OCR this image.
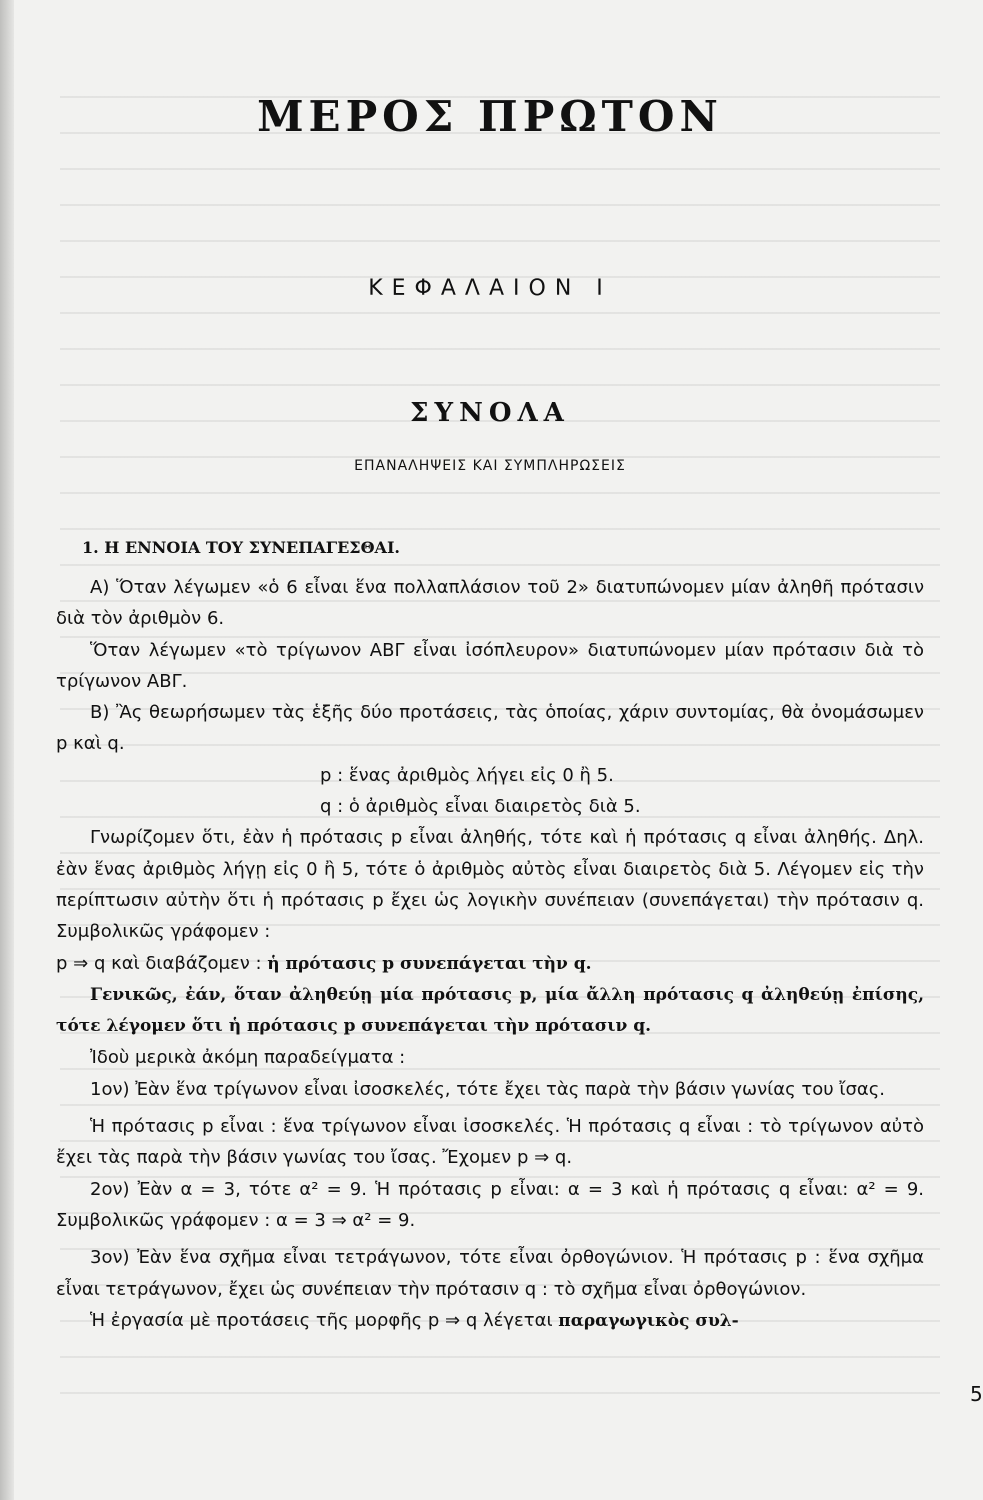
ΜΕΡΟΣ ΠΡΩΤΟΝ
ΚΕΦΑΛΑΙΟΝ Ι
ΣΥΝΟΛΑ
ΕΠΑΝΑΛΗΨΕΙΣ ΚΑΙ ΣΥΜΠΛΗΡΩΣΕΙΣ
1. Η ΕΝΝΟΙΑ ΤΟΥ ΣΥΝΕΠΑΓΕΣΘΑΙ.

Α) Ὅταν λέγωμεν «ὁ 6 εἶναι ἕνα πολλαπλάσιον τοῦ 2» διατυπώνομεν μίαν ἀληθῆ πρότασιν διὰ τὸν ἀριθμὸν 6.

Ὅταν λέγωμεν «τὸ τρίγωνον ΑΒΓ εἶναι ἰσόπλευρον» διατυπώνομεν μίαν πρότασιν διὰ τὸ τρίγωνον ΑΒΓ.

Β) Ἂς θεωρήσωμεν τὰς ἑξῆς δύο προτάσεις, τὰς ὁποίας, χάριν συντομίας, θὰ ὀνομάσωμεν p καὶ q.

p : ἕνας ἀριθμὸς λήγει εἰς 0 ἢ 5.

q : ὁ ἀριθμὸς εἶναι διαιρετὸς διὰ 5.

Γνωρίζομεν ὅτι, ἐὰν ἡ πρότασις p εἶναι ἀληθής, τότε καὶ ἡ πρότασις q εἶναι ἀληθής. Δηλ. ἐὰν ἕνας ἀριθμὸς λήγῃ εἰς 0 ἢ 5, τότε ὁ ἀριθμὸς αὐτὸς εἶναι διαιρετὸς διὰ 5. Λέγομεν εἰς τὴν περίπτωσιν αὐτὴν ὅτι ἡ πρότασις p ἔχει ὡς λογικὴν συνέπειαν (συνεπάγεται) τὴν πρότασιν q. Συμβολικῶς γράφομεν :

p ⇒ q καὶ διαβάζομεν : ἡ πρότασις p συνεπάγεται τὴν q.

Γενικῶς, ἐάν, ὅταν ἀληθεύῃ μία πρότασις p, μία ἄλλη πρότασις q ἀληθεύῃ ἐπίσης, τότε λέγομεν ὅτι ἡ πρότασις p συνεπάγεται τὴν πρότασιν q.

Ἰδοὺ μερικὰ ἀκόμη παραδείγματα :

1ον) Ἐὰν ἕνα τρίγωνον εἶναι ἰσοσκελές, τότε ἔχει τὰς παρὰ τὴν βάσιν γωνίας του ἴσας.

Ἡ πρότασις p εἶναι : ἕνα τρίγωνον εἶναι ἰσοσκελές. Ἡ πρότασις q εἶναι : τὸ τρίγωνον αὐτὸ ἔχει τὰς παρὰ τὴν βάσιν γωνίας του ἴσας. Ἔχομεν p ⇒ q.

2ον) Ἐὰν α = 3, τότε α² = 9. Ἡ πρότασις p εἶναι: α = 3 καὶ ἡ πρότασις q εἶναι: α² = 9. Συμβολικῶς γράφομεν : α = 3 ⇒ α² = 9.

3ον) Ἐὰν ἕνα σχῆμα εἶναι τετράγωνον, τότε εἶναι ὀρθογώνιον. Ἡ πρότασις p : ἕνα σχῆμα εἶναι τετράγωνον, ἔχει ὡς συνέπειαν τὴν πρότασιν q : τὸ σχῆμα εἶναι ὀρθογώνιον.

Ἡ ἐργασία μὲ προτάσεις τῆς μορφῆς p ⇒ q λέγεται παραγωγικὸς συλ-

5
